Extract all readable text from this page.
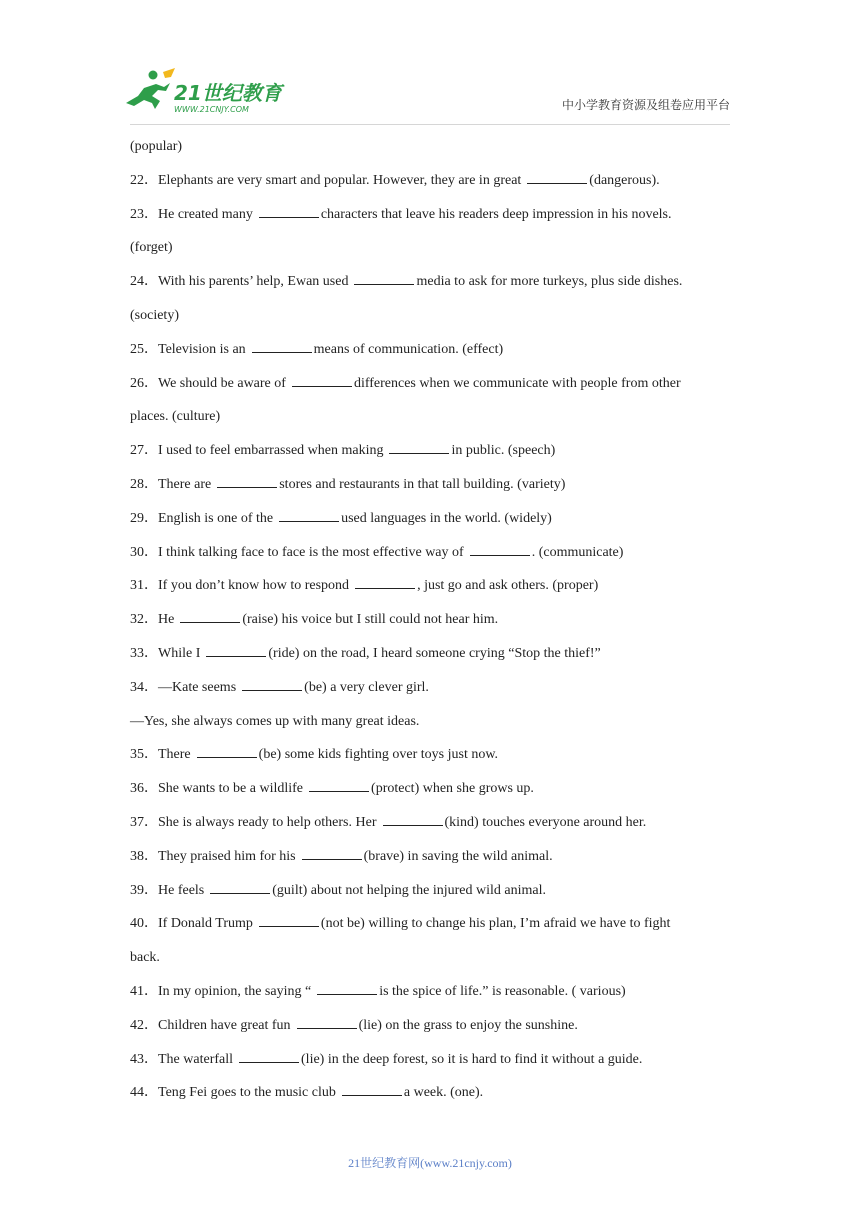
21世纪教育
WWW.21CNJY.COM	中小学教育资源及组卷应用平台
(popular)
22．Elephants are very smart and popular. However, they are in great	(dangerous).
23．He created many	characters that leave his readers deep impression in his novels.
(forget)
24．With his parents’ help, Ewan used	media to ask for more turkeys, plus side dishes.
(society)
25．Television is an	means of communication. (effect)
26．We should be aware of	differences when we communicate with people from other
places. (culture)
27．I used to feel embarrassed when making	in public. (speech)
28．There are	stores and restaurants in that tall building. (variety)
29．English is one of the	used languages in the world. (widely)
30．I think talking face to face is the most effective way of	. (communicate)
31．If you don’t know how to respond	, just go and ask others. (proper)
32．He	(raise) his voice but I still could not hear him.
33．While I	(ride) on the road, I heard someone crying “Stop the thief!”
34．—Kate seems	(be) a very clever girl.
—Yes, she always comes up with many great ideas.
35．There	(be) some kids fighting over toys just now.
36．She wants to be a wildlife	(protect) when she grows up.
37．She is always ready to help others. Her	(kind) touches everyone around her.
38．They praised him for his	(brave) in saving the wild animal.
39．He feels	(guilt) about not helping the injured wild animal.
40．If Donald Trump	(not be) willing to change his plan, I’m afraid we have to fight
back.
41．In my opinion, the saying “	is the spice of life.” is reasonable. ( various)
42．Children have great fun	(lie) on the grass to enjoy the sunshine.
43．The waterfall	(lie) in the deep forest, so it is hard to find it without a guide.
44．Teng Fei goes to the music club	a week. (one).
21世纪教育网(www.21cnjy.com)
